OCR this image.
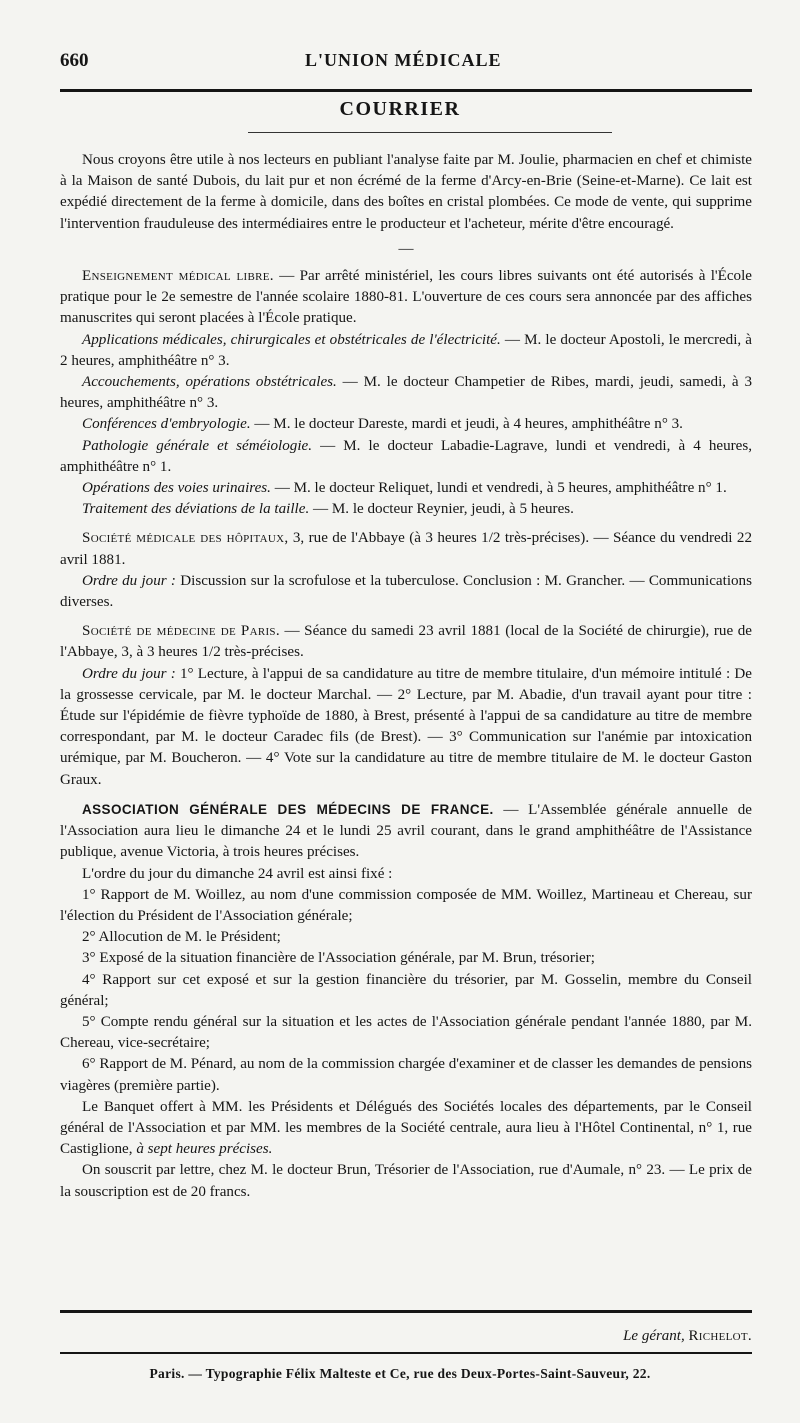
660	L'UNION MÉDICALE
COURRIER

Nous croyons être utile à nos lecteurs en publiant l'analyse faite par M. Joulie, pharmacien en chef et chimiste à la Maison de santé Dubois, du lait pur et non écrémé de la ferme d'Arcy-en-Brie (Seine-et-Marne). Ce lait est expédié directement de la ferme à domicile, dans des boîtes en cristal plombées. Ce mode de vente, qui supprime l'intervention frauduleuse des intermédiaires entre le producteur et l'acheteur, mérite d'être encouragé.

—

Enseignement médical libre. — Par arrêté ministériel, les cours libres suivants ont été autorisés à l'École pratique pour le 2e semestre de l'année scolaire 1880-81. L'ouverture de ces cours sera annoncée par des affiches manuscrites qui seront placées à l'École pratique.

Applications médicales, chirurgicales et obstétricales de l'électricité. — M. le docteur Apostoli, le mercredi, à 2 heures, amphithéâtre n° 3.

Accouchements, opérations obstétricales. — M. le docteur Champetier de Ribes, mardi, jeudi, samedi, à 3 heures, amphithéâtre n° 3.

Conférences d'embryologie. — M. le docteur Dareste, mardi et jeudi, à 4 heures, amphithéâtre n° 3.

Pathologie générale et séméiologie. — M. le docteur Labadie-Lagrave, lundi et vendredi, à 4 heures, amphithéâtre n° 1.

Opérations des voies urinaires. — M. le docteur Reliquet, lundi et vendredi, à 5 heures, amphithéâtre n° 1.

Traitement des déviations de la taille. — M. le docteur Reynier, jeudi, à 5 heures.

Société médicale des hôpitaux, 3, rue de l'Abbaye (à 3 heures 1/2 très-précises). — Séance du vendredi 22 avril 1881.

Ordre du jour : Discussion sur la scrofulose et la tuberculose. Conclusion : M. Grancher. — Communications diverses.

Société de médecine de Paris. — Séance du samedi 23 avril 1881 (local de la Société de chirurgie), rue de l'Abbaye, 3, à 3 heures 1/2 très-précises.

Ordre du jour : 1° Lecture, à l'appui de sa candidature au titre de membre titulaire, d'un mémoire intitulé : De la grossesse cervicale, par M. le docteur Marchal. — 2° Lecture, par M. Abadie, d'un travail ayant pour titre : Étude sur l'épidémie de fièvre typhoïde de 1880, à Brest, présenté à l'appui de sa candidature au titre de membre correspondant, par M. le docteur Caradec fils (de Brest). — 3° Communication sur l'anémie par intoxication urémique, par M. Boucheron. — 4° Vote sur la candidature au titre de membre titulaire de M. le docteur Gaston Graux.

ASSOCIATION GÉNÉRALE DES MÉDECINS DE FRANCE. — L'Assemblée générale annuelle de l'Association aura lieu le dimanche 24 et le lundi 25 avril courant, dans le grand amphithéâtre de l'Assistance publique, avenue Victoria, à trois heures précises.

L'ordre du jour du dimanche 24 avril est ainsi fixé :

1° Rapport de M. Woillez, au nom d'une commission composée de MM. Woillez, Martineau et Chereau, sur l'élection du Président de l'Association générale;

2° Allocution de M. le Président;

3° Exposé de la situation financière de l'Association générale, par M. Brun, trésorier;

4° Rapport sur cet exposé et sur la gestion financière du trésorier, par M. Gosselin, membre du Conseil général;

5° Compte rendu général sur la situation et les actes de l'Association générale pendant l'année 1880, par M. Chereau, vice-secrétaire;

6° Rapport de M. Pénard, au nom de la commission chargée d'examiner et de classer les demandes de pensions viagères (première partie).

Le Banquet offert à MM. les Présidents et Délégués des Sociétés locales des départements, par le Conseil général de l'Association et par MM. les membres de la Société centrale, aura lieu à l'Hôtel Continental, n° 1, rue Castiglione, à sept heures précises.

On souscrit par lettre, chez M. le docteur Brun, Trésorier de l'Association, rue d'Aumale, n° 23. — Le prix de la souscription est de 20 francs.

Le gérant, Richelot.
Paris. — Typographie Félix Malteste et Ce, rue des Deux-Portes-Saint-Sauveur, 22.
